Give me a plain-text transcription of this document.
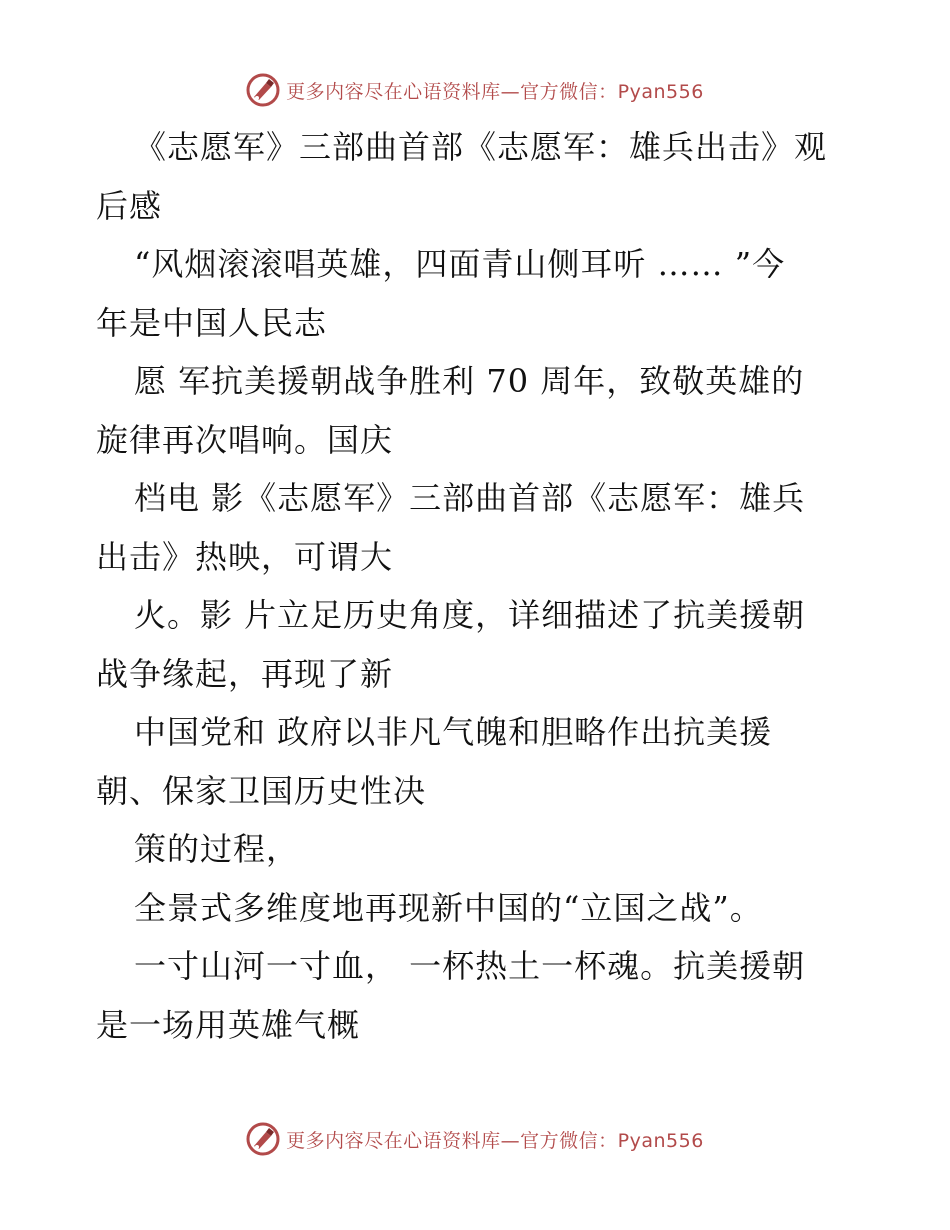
更多内容尽在心语资料库—官方微信：Pyan556
《志愿军》三部曲首部《志愿军：雄兵出击》观
后感
“风烟滚滚唱英雄，四面青山侧耳听 …… ”今
年是中国人民志
愿 军抗美援朝战争胜利 70 周年，致敬英雄的
旋律再次唱响。国庆
档电 影《志愿军》三部曲首部《志愿军：雄兵
出击》热映，可谓大
火。影 片立足历史角度，详细描述了抗美援朝
战争缘起，再现了新
中国党和 政府以非凡气魄和胆略作出抗美援
朝、保家卫国历史性决
策的过程，
全景式多维度地再现新中国的“立国之战”。
一寸山河一寸血， 一杯热土一杯魂。抗美援朝
是一场用英雄气概
更多内容尽在心语资料库—官方微信：Pyan556
